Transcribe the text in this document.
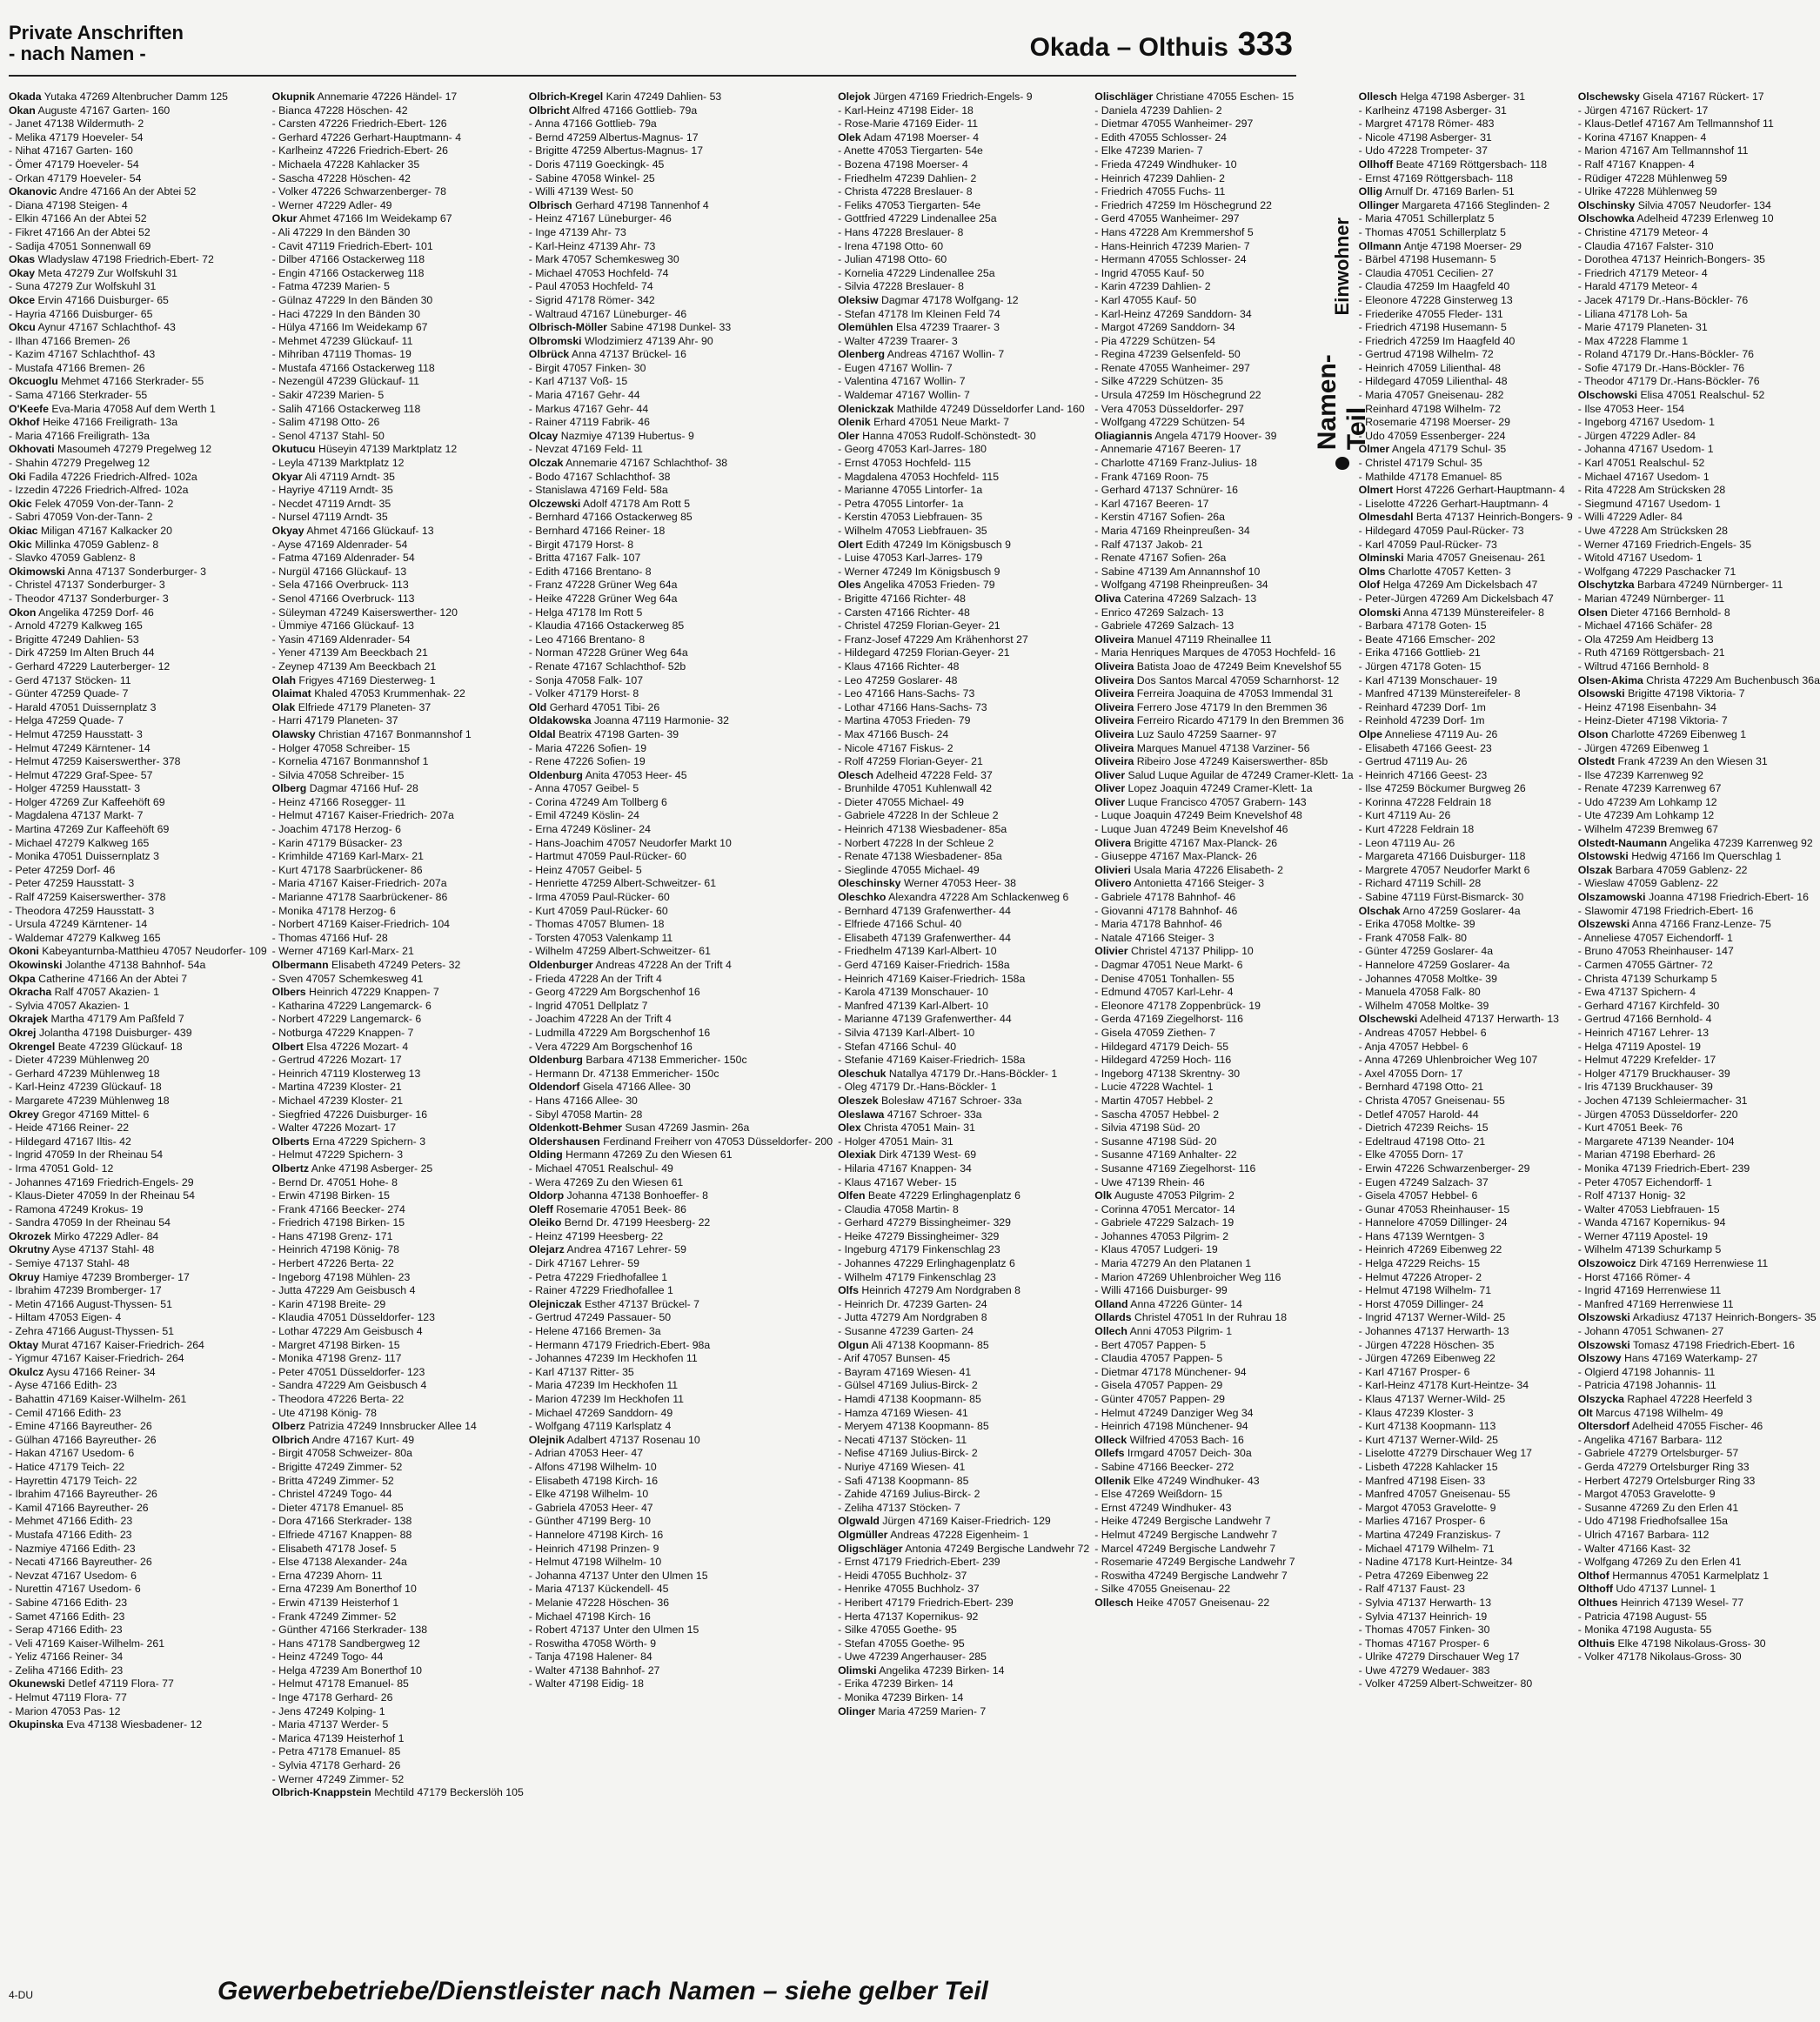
Private Anschriften
- nach Namen -	Okada – Olthuis 333
Okada Yutaka 47269 Altenbrucher Damm 125
Okan Auguste 47167 Garten- 160
- Janet 47138 Wildermuth- 2
- Melika 47179 Hoeveler- 54
- Nihat 47167 Garten- 160
- Ömer 47179 Hoeveler- 54
- Orkan 47179 Hoeveler- 54
Okanovic Andre 47166 An der Abtei 52
- Diana 47198 Steigen- 4
- Elkin 47166 An der Abtei 52
- Fikret 47166 An der Abtei 52
- Sadija 47051 Sonnenwall 69
Okas Wladyslaw 47198 Friedrich-Ebert- 72
Okay Meta 47279 Zur Wolfskuhl 31
- Suna 47279 Zur Wolfskuhl 31
Okce Ervin 47166 Duisburger- 65
- Hayria 47166 Duisburger- 65
Okcu Aynur 47167 Schlachthof- 43
- Ilhan 47166 Bremen- 26
- Kazim 47167 Schlachthof- 43
- Mustafa 47166 Bremen- 26
Okcuoglu Mehmet 47166 Sterkrader- 55
- Sama 47166 Sterkrader- 55
O'Keefe Eva-Maria 47058 Auf dem Werth 1
Okhof Heike 47166 Freiligrath- 13a
- Maria 47166 Freiligrath- 13a
Okhovati Masoumeh 47279 Pregelweg 12
- Shahin 47279 Pregelweg 12
Oki Fadila 47226 Friedrich-Alfred- 102a
- Izzedin 47226 Friedrich-Alfred- 102a
Okic Felek 47059 Von-der-Tann- 2
- Sabri 47059 Von-der-Tann- 2
Okiac Miligan 47167 Kalkacker 20
Okic Millinka 47059 Gablenz- 8
- Slavko 47059 Gablenz- 8
Okimowski Anna 47137 Sonderburger- 3
- Christel 47137 Sonderburger- 3
- Theodor 47137 Sonderburger- 3
Okon Angelika 47259 Dorf- 46
- Arnold 47279 Kalkweg 165
- Brigitte 47249 Dahlien- 53
- Dirk 47259 Im Alten Bruch 44
- Gerhard 47229 Lauterberger- 12
- Gerd 47137 Stöcken- 11
- Günter 47259 Quade- 7
- Harald 47051 Duissernplatz 3
- Helga 47259 Quade- 7
- Helmut 47259 Hausstatt- 3
- Helmut 47249 Kärntener- 14
- Helmut 47259 Kaiserswerther- 378
- Helmut 47229 Graf-Spee- 57
- Holger 47259 Hausstatt- 3
- Holger 47269 Zur Kaffeehöft 69
- Magdalena 47137 Markt- 7
- Martina 47269 Zur Kaffeehöft 69
- Michael 47279 Kalkweg 165
- Monika 47051 Duissernplatz 3
- Peter 47259 Dorf- 46
- Peter 47259 Hausstatt- 3
- Ralf 47259 Kaiserswerther- 378
- Theodora 47259 Hausstatt- 3
- Ursula 47249 Kärntener- 14
- Waldemar 47279 Kalkweg 165
Okoni Kabeyanturnba-Matthieu 47057 Neudorfer- 109
Okowinski Jolanthe 47138 Bahnhof- 54a
Okpa Catherine 47166 An der Abtei 7
Okracha Ralf 47057 Akazien- 1
- Sylvia 47057 Akazien- 1
Okrajek Martha 47179 Am Paßfeld 7
Okrej Jolantha 47198 Duisburger- 439
Okrengel Beate 47239 Glückauf- 18
- Dieter 47239 Mühlenweg 20
- Gerhard 47239 Mühlenweg 18
- Karl-Heinz 47239 Glückauf- 18
- Margarete 47239 Mühlenweg 18
Okrey Gregor 47169 Mittel- 6
- Heide 47166 Reiner- 22
- Hildegard 47167 Iltis- 42
- Ingrid 47059 In der Rheinau 54
- Irma 47051 Gold- 12
- Johannes 47169 Friedrich-Engels- 29
- Klaus-Dieter 47059 In der Rheinau 54
- Ramona 47249 Krokus- 19
- Sandra 47059 In der Rheinau 54
Okrozek Mirko 47229 Adler- 84
Okrutny Ayse 47137 Stahl- 48
- Semiye 47137 Stahl- 48
Okruy Hamiye 47239 Bromberger- 17
- Ibrahim 47239 Bromberger- 17
- Metin 47166 August-Thyssen- 51
- Hiltam 47053 Eigen- 4
- Zehra 47166 August-Thyssen- 51
Oktay Murat 47167 Kaiser-Friedrich- 264
- Yigmur 47167 Kaiser-Friedrich- 264
Okulcz Aysu 47166 Reiner- 34
- Ayse 47166 Edith- 23
- Bahattin 47169 Kaiser-Wilhelm- 261
- Cemil 47166 Edith- 23
- Emine 47166 Bayreuther- 26
- Gülhan 47166 Bayreuther- 26
- Hakan 47167 Usedom- 6
- Hatice 47179 Teich- 22
- Hayrettin 47179 Teich- 22
- Ibrahim 47166 Bayreuther- 26
- Kamil 47166 Bayreuther- 26
- Mehmet 47166 Edith- 23
- Mustafa 47166 Edith- 23
- Nazmiye 47166 Edith- 23
- Necati 47166 Bayreuther- 26
- Nevzat 47167 Usedom- 6
- Nurettin 47167 Usedom- 6
- Sabine 47166 Edith- 23
- Samet 47166 Edith- 23
- Serap 47166 Edith- 23
- Veli 47169 Kaiser-Wilhelm- 261
- Yeliz 47166 Reiner- 34
- Zeliha 47166 Edith- 23
Okunewski Detlef 47119 Flora- 77
- Helmut 47119 Flora- 77
- Marion 47053 Pas- 12
Okupinska Eva 47138 Wiesbadener- 12
Okupnik Annemarie 47226 Händel- 17
- Bianca 47228 Höschen- 42
- Carsten 47226 Friedrich-Ebert- 126
- Gerhard 47226 Gerhart-Hauptmann- 4
- Karlheinz 47226 Friedrich-Ebert- 26
- Michaela 47228 Kahlacker 35
- Sascha 47228 Höschen- 42
- Volker 47226 Schwarzenberger- 78
- Werner 47229 Adler- 49
Okur Ahmet 47166 Im Weidekamp 67
- Ali 47229 In den Bänden 30
- Cavit 47119 Friedrich-Ebert- 101
- Dilber 47166 Ostackerweg 118
- Engin 47166 Ostackerweg 118
- Fatma 47239 Marien- 5
- Gülnaz 47229 In den Bänden 30
- Haci 47229 In den Bänden 30
- Hülya 47166 Im Weidekamp 67
- Mehmet 47239 Glückauf- 11
- Mihriban 47119 Thomas- 19
- Mustafa 47166 Ostackerweg 118
- Nezengül 47239 Glückauf- 11
- Sakir 47239 Marien- 5
- Salih 47166 Ostackerweg 118
- Salim 47198 Otto- 26
- Senol 47137 Stahl- 50
Okutucu Hüseyin 47139 Marktplatz 12
- Leyla 47139 Marktplatz 12
Okyar Ali 47119 Arndt- 35
- Hayriye 47119 Arndt- 35
- Necdet 47119 Arndt- 35
- Nursel 47119 Arndt- 35
Okyay Ahmet 47166 Glückauf- 13
- Ayse 47169 Aldenrader- 54
- Fatma 47169 Aldenrader- 54
- Nurgül 47166 Glückauf- 13
- Sela 47166 Overbruck- 113
- Senol 47166 Overbruck- 113
- Süleyman 47249 Kaiserswerther- 120
- Ümmiye 47166 Glückauf- 13
- Yasin 47169 Aldenrader- 54
- Yener 47139 Am Beeckbach 21
- Zeynep 47139 Am Beeckbach 21
Olah Frigyes 47169 Diesterweg- 1
Olaimat Khaled 47053 Krummenhak- 22
Olak Elfriede 47179 Planeten- 37
- Harri 47179 Planeten- 37
Olawsky Christian 47167 Bonmannshof 1
- Holger 47058 Schreiber- 15
- Kornelia 47167 Bonmannshof 1
- Silvia 47058 Schreiber- 15
Olberg Dagmar 47166 Huf- 28
- Heinz 47166 Rosegger- 11
- Helmut 47167 Kaiser-Friedrich- 207a
- Joachim 47178 Herzog- 6
- Karin 47179 Büsacker- 23
- Krimhilde 47169 Karl-Marx- 21
- Kurt 47178 Saarbrückener- 86
- Maria 47167 Kaiser-Friedrich- 207a
- Marianne 47178 Saarbrückener- 86
- Monika 47178 Herzog- 6
- Norbert 47169 Kaiser-Friedrich- 104
- Thomas 47166 Huf- 28
- Werner 47169 Karl-Marx- 21
Olbermann Elisabeth 47249 Peters- 32
- Sven 47057 Schemkesweg 41
Olbers Heinrich 47229 Knappen- 7
- Katharina 47229 Langemarck- 6
- Norbert 47229 Langemarck- 6
- Notburga 47229 Knappen- 7
Olbert Elsa 47226 Mozart- 4
- Gertrud 47226 Mozart- 17
- Heinrich 47119 Klosterweg 13
- Martina 47239 Kloster- 21
- Michael 47239 Kloster- 21
- Siegfried 47226 Duisburger- 16
- Walter 47226 Mozart- 17
Olberts Erna 47229 Spichern- 3
- Helmut 47229 Spichern- 3
Olbertz Anke 47198 Asberger- 25
- Bernd Dr. 47051 Hohe- 8
- Erwin 47198 Birken- 15
- Frank 47166 Beecker- 274
- Friedrich 47198 Birken- 15
- Hans 47198 Grenz- 171
- Heinrich 47198 König- 78
- Herbert 47226 Berta- 22
- Ingeborg 47198 Mühlen- 23
- Jutta 47229 Am Geisbusch 4
- Karin 47198 Breite- 29
- Klaudia 47051 Düsseldorfer- 123
- Lothar 47229 Am Geisbusch 4
- Margret 47198 Birken- 15
- Monika 47198 Grenz- 117
- Peter 47051 Düsseldorfer- 123
- Sandra 47229 Am Geisbusch 4
- Theodora 47226 Berta- 22
- Ute 47198 König- 78
Olberz Patrizia 47249 Innsbrucker Allee 14
Olbrich Andre 47167 Kurt- 49
- Birgit 47058 Schweizer- 80a
- Brigitte 47249 Zimmer- 52
- Britta 47249 Zimmer- 52
- Christel 47249 Togo- 44
- Dieter 47178 Emanuel- 85
- Dora 47166 Sterkrader- 138
- Elfriede 47167 Knappen- 88
- Elisabeth 47178 Josef- 5
- Else 47138 Alexander- 24a
- Erna 47239 Ahorn- 11
- Erna 47239 Am Bonerthof 10
- Erwin 47139 Heisterhof 1
- Frank 47249 Zimmer- 52
- Günther 47166 Sterkrader- 138
- Hans 47178 Sandbergweg 12
- Heinz 47249 Togo- 44
- Helga 47239 Am Bonerthof 10
- Helmut 47178 Emanuel- 85
- Inge 47178 Gerhard- 26
- Jens 47249 Kolping- 1
- Maria 47137 Werder- 5
- Marica 47139 Heisterhof 1
- Petra 47178 Emanuel- 85
- Sylvia 47178 Gerhard- 26
- Werner 47249 Zimmer- 52
Olbrich-Knappstein Mechtild 47179 Beckerslöh 105
Olbrich-Kregel Karin 47249 Dahlien- 53
Olbricht Alfred 47166 Gottlieb- 79a
- Anna 47166 Gottlieb- 79a
- Bernd 47259 Albertus-Magnus- 17
- Brigitte 47259 Albertus-Magnus- 17
- Doris 47119 Goeckingk- 45
- Sabine 47058 Winkel- 25
- Willi 47139 West- 50
Olbrisch Gerhard 47198 Tannenhof 4
- Heinz 47167 Lüneburger- 46
- Inge 47139 Ahr- 73
- Karl-Heinz 47139 Ahr- 73
- Mark 47057 Schemkesweg 30
- Michael 47053 Hochfeld- 74
- Paul 47053 Hochfeld- 74
- Sigrid 47178 Römer- 342
- Waltraud 47167 Lüneburger- 46
Olbrisch-Möller Sabine 47198 Dunkel- 33
Olbromski Wlodzimierz 47139 Ahr- 90
Olbrück Anna 47137 Brückel- 16
- Birgit 47057 Finken- 30
- Karl 47137 Voß- 15
- Maria 47167 Gehr- 44
- Markus 47167 Gehr- 44
- Rainer 47119 Fabrik- 46
Olcay Nazmiye 47139 Hubertus- 9
- Nevzat 47169 Feld- 11
Olczak Annemarie 47167 Schlachthof- 38
- Bodo 47167 Schlachthof- 38
- Stanislawa 47169 Feld- 58a
Olczewski Adolf 47178 Am Rott 5
- Bernhard 47166 Ostackerweg 85
- Bernhard 47166 Reiner- 18
- Birgit 47179 Horst- 8
- Britta 47167 Falk- 107
- Edith 47166 Brentano- 8
- Franz 47228 Grüner Weg 64a
- Heike 47228 Grüner Weg 64a
- Helga 47178 Im Rott 5
- Klaudia 47166 Ostackerweg 85
- Leo 47166 Brentano- 8
- Norman 47228 Grüner Weg 64a
- Renate 47167 Schlachthof- 52b
- Sonja 47058 Falk- 107
- Volker 47179 Horst- 8
Old Gerhard 47051 Tibi- 26
Oldakowska Joanna 47119 Harmonie- 32
Oldal Beatrix 47198 Garten- 39
- Maria 47226 Sofien- 19
- Rene 47226 Sofien- 19
Oldenburg Anita 47053 Heer- 45
- Anna 47057 Geibel- 5
- Corina 47249 Am Tollberg 6
- Emil 47249 Köslin- 24
- Erna 47249 Kösliner- 24
- Hans-Joachim 47057 Neudorfer Markt 10
- Hartmut 47059 Paul-Rücker- 60
- Heinz 47057 Geibel- 5
- Henriette 47259 Albert-Schweitzer- 61
- Irma 47059 Paul-Rücker- 60
- Kurt 47059 Paul-Rücker- 60
- Thomas 47057 Blumen- 18
- Torsten 47053 Valenkamp 11
- Wilhelm 47259 Albert-Schweitzer- 61
Oldenburger Andreas 47228 An der Trift 4
- Frieda 47228 An der Trift 4
- Georg 47229 Am Borgschenhof 16
- Ingrid 47051 Dellplatz 7
- Joachim 47228 An der Trift 4
- Ludmilla 47229 Am Borgschenhof 16
- Vera 47229 Am Borgschenhof 16
Oldenburg Barbara 47138 Emmericher- 150c
- Hermann Dr. 47138 Emmericher- 150c
Oldendorf Gisela 47166 Allee- 30
- Hans 47166 Allee- 30
- Sibyl 47058 Martin- 28
Oldenkott-Behmer Susan 47269 Jasmin- 26a
Oldershausen Ferdinand Freiherr von 47053 Düsseldorfer- 200
Olding Hermann 47269 Zu den Wiesen 61
- Michael 47051 Realschul- 49
- Wera 47269 Zu den Wiesen 61
Oldorp Johanna 47138 Bonhoeffer- 8
Oleff Rosemarie 47051 Beek- 86
Oleiko Bernd Dr. 47199 Heesberg- 22
- Heinz 47199 Heesberg- 22
Olejarz Andrea 47167 Lehrer- 59
- Dirk 47167 Lehrer- 59
- Petra 47229 Friedhofallee 1
- Rainer 47229 Friedhofallee 1
Olejniczak Esther 47137 Brückel- 7
- Gertrud 47249 Passauer- 50
- Helene 47166 Bremen- 3a
- Hermann 47179 Friedrich-Ebert- 98a
- Johannes 47239 Im Heckhofen 11
- Karl 47137 Ritter- 35
- Maria 47239 Im Heckhofen 11
- Marion 47239 Im Heckhofen 11
- Michael 47269 Sanddorn- 49
- Wolfgang 47119 Karlsplatz 4
Olejnik Adalbert 47137 Rosenau 10
- Adrian 47053 Heer- 47
- Alfons 47198 Wilhelm- 10
- Elisabeth 47198 Kirch- 16
- Elke 47198 Wilhelm- 10
- Gabriela 47053 Heer- 47
- Günther 47199 Berg- 10
- Hannelore 47198 Kirch- 16
- Heinrich 47198 Prinzen- 9
- Helmut 47198 Wilhelm- 10
- Johanna 47137 Unter den Ulmen 15
- Maria 47137 Kückendell- 45
- Melanie 47228 Höschen- 36
- Michael 47198 Kirch- 16
- Robert 47137 Unter den Ulmen 15
- Roswitha 47058 Wörth- 9
- Tanja 47198 Halener- 84
- Walter 47138 Bahnhof- 27
- Walter 47198 Eidig- 18
Olejok Jürgen 47169 Friedrich-Engels- 9
- Karl-Heinz 47198 Eider- 18
- Rose-Marie 47169 Eider- 11
Olek Adam 47198 Moerser- 4
- Anette 47053 Tiergarten- 54e
- Bozena 47198 Moerser- 4
- Friedhelm 47239 Dahlien- 2
- Christa 47228 Breslauer- 8
- Feliks 47053 Tiergarten- 54e
- Gottfried 47229 Lindenallee 25a
- Hans 47228 Breslauer- 8
- Irena 47198 Otto- 60
- Julian 47198 Otto- 60
- Kornelia 47229 Lindenallee 25a
- Silvia 47228 Breslauer- 8
Oleksiw Dagmar 47178 Wolfgang- 12
- Stefan 47178 Im Kleinen Feld 74
Olemühlen Elsa 47239 Traarer- 3
- Walter 47239 Traarer- 3
Olenberg Andreas 47167 Wollin- 7
- Eugen 47167 Wollin- 7
- Valentina 47167 Wollin- 7
- Waldemar 47167 Wollin- 7
Olenickzak Mathilde 47249 Düsseldorfer Land- 160
Olenik Erhard 47051 Neue Markt- 7
Oler Hanna 47053 Rudolf-Schönstedt- 30
- Georg 47053 Karl-Jarres- 180
- Ernst 47053 Hochfeld- 115
- Magdalena 47053 Hochfeld- 115
- Marianne 47055 Lintorfer- 1a
- Petra 47055 Lintorfer- 1a
- Kerstin 47053 Liebfrauen- 35
- Wilhelm 47053 Liebfrauen- 35
Olert Edith 47249 Im Königsbusch 9
- Luise 47053 Karl-Jarres- 179
- Werner 47249 Im Königsbusch 9
Oles Angelika 47053 Frieden- 79
- Brigitte 47166 Richter- 48
- Carsten 47166 Richter- 48
- Christel 47259 Florian-Geyer- 21
- Franz-Josef 47229 Am Krähenhorst 27
- Hildegard 47259 Florian-Geyer- 21
- Klaus 47166 Richter- 48
- Leo 47259 Goslarer- 48
- Leo 47166 Hans-Sachs- 73
- Lothar 47166 Hans-Sachs- 73
- Martina 47053 Frieden- 79
- Max 47166 Busch- 24
- Nicole 47167 Fiskus- 2
- Rolf 47259 Florian-Geyer- 21
Olesch Adelheid 47228 Feld- 37
- Brunhilde 47051 Kuhlenwall 42
- Dieter 47055 Michael- 49
- Gabriele 47228 In der Schleue 2
- Heinrich 47138 Wiesbadener- 85a
- Norbert 47228 In der Schleue 2
- Renate 47138 Wiesbadener- 85a
- Sieglinde 47055 Michael- 49
Oleschinsky Werner 47053 Heer- 38
Oleschko Alexandra 47228 Am Schlackenweg 6
- Bernhard 47139 Grafenwerther- 44
- Elfriede 47166 Schul- 40
- Elisabeth 47139 Grafenwerther- 44
- Friedhelm 47139 Karl-Albert- 10
- Gerd 47169 Kaiser-Friedrich- 158a
- Heinrich 47169 Kaiser-Friedrich- 158a
- Karola 47139 Monschauer- 10
- Manfred 47139 Karl-Albert- 10
- Marianne 47139 Grafenwerther- 44
- Silvia 47139 Karl-Albert- 10
- Stefan 47166 Schul- 40
- Stefanie 47169 Kaiser-Friedrich- 158a
Oleschuk Natallya 47179 Dr.-Hans-Böckler- 1
- Oleg 47179 Dr.-Hans-Böckler- 1
Oleszek Bolesław 47167 Schroer- 33a
Oleslawa 47167 Schroer- 33a
Olex Christa 47051 Main- 31
- Holger 47051 Main- 31
Olexiak Dirk 47139 West- 69
- Hilaria 47167 Knappen- 34
- Klaus 47167 Weber- 15
Olfen Beate 47229 Erlinghagenplatz 6
- Claudia 47058 Martin- 8
- Gerhard 47279 Bissingheimer- 329
- Heike 47279 Bissingheimer- 329
- Ingeburg 47179 Finkenschlag 23
- Johannes 47229 Erlinghagenplatz 6
- Wilhelm 47179 Finkenschlag 23
Olfs Heinrich 47279 Am Nordgraben 8
- Heinrich Dr. 47239 Garten- 24
- Jutta 47279 Am Nordgraben 8
- Susanne 47239 Garten- 24
Olgun Ali 47138 Koopmann- 85
- Arif 47057 Bunsen- 45
- Bayram 47169 Wiesen- 41
- Gülsel 47169 Julius-Birck- 2
- Hamdi 47138 Koopmann- 85
- Hamza 47169 Wiesen- 41
- Meryem 47138 Koopmann- 85
- Necati 47137 Stöcken- 11
- Nefise 47169 Julius-Birck- 2
- Nuriye 47169 Wiesen- 41
- Safi 47138 Koopmann- 85
- Zahide 47169 Julius-Birck- 2
- Zeliha 47137 Stöcken- 7
Olgwald Jürgen 47169 Kaiser-Friedrich- 129
Olgmüller Andreas 47228 Eigenheim- 1
Oligschläger Antonia 47249 Bergische Landwehr 72
- Ernst 47179 Friedrich-Ebert- 239
- Heidi 47055 Buchholz- 37
- Henrike 47055 Buchholz- 37
- Heribert 47179 Friedrich-Ebert- 239
- Herta 47137 Kopernikus- 92
- Silke 47055 Goethe- 95
- Stefan 47055 Goethe- 95
- Uwe 47239 Angerhauser- 285
Olimski Angelika 47239 Birken- 14
- Erika 47239 Birken- 14
- Monika 47239 Birken- 14
Olinger Maria 47259 Marien- 7
Olischläger Christiane 47055 Eschen- 15
- Daniela 47239 Dahlien- 2
- Dietmar 47055 Wanheimer- 297
- Edith 47055 Schlosser- 24
- Elke 47239 Marien- 7
- Frieda 47249 Windhuker- 10
- Heinrich 47239 Dahlien- 2
- Friedrich 47055 Fuchs- 11
- Friedrich 47259 Im Höschegrund 22
- Gerd 47055 Wanheimer- 297
- Hans 47228 Am Kremmershof 5
- Hans-Heinrich 47239 Marien- 7
- Hermann 47055 Schlosser- 24
- Ingrid 47055 Kauf- 50
- Karin 47239 Dahlien- 2
- Karl 47055 Kauf- 50
- Karl-Heinz 47269 Sanddorn- 34
- Margot 47269 Sanddorn- 34
- Pia 47229 Schützen- 54
- Regina 47239 Gelsenfeld- 50
- Renate 47055 Wanheimer- 297
- Silke 47229 Schützen- 35
- Ursula 47259 Im Höschegrund 22
- Vera 47053 Düsseldorfer- 297
- Wolfgang 47229 Schützen- 54
Oliagiannis Angela 47179 Hoover- 39
- Annemarie 47167 Beeren- 17
- Charlotte 47169 Franz-Julius- 18
- Frank 47169 Roon- 75
- Gerhard 47137 Schnürer- 16
- Karl 47167 Beeren- 17
- Kerstin 47167 Sofien- 26a
- Maria 47169 Rheinpreußen- 34
- Ralf 47137 Jakob- 21
- Renate 47167 Sofien- 26a
- Sabine 47139 Am Annannshof 10
- Wolfgang 47198 Rheinpreußen- 34
Oliva Caterina 47269 Salzach- 13
- Enrico 47269 Salzach- 13
- Gabriele 47269 Salzach- 13
Oliveira Manuel 47119 Rheinallee 11
- Maria Henriques Marques de 47053 Hochfeld- 16
Oliveira Batista Joao de 47249 Beim Knevelshof 55
Oliveira Dos Santos Marcal 47059 Scharnhorst- 12
Oliveira Ferreira Joaquina de 47053 Immendal 31
Oliveira Ferrero Jose 47179 In den Bremmen 36
Oliveira Ferreiro Ricardo 47179 In den Bremmen 36
Oliveira Luz Saulo 47259 Saarner- 97
Oliveira Marques Manuel 47138 Varziner- 56
Oliveira Ribeiro Jose 47249 Kaiserswerther- 85b
Oliver Salud Luque Aguilar de 47249 Cramer-Klett- 1a
Oliver Lopez Joaquin 47249 Cramer-Klett- 1a
Oliver Luque Francisco 47057 Grabern- 143
- Luque Joaquin 47249 Beim Knevelshof 48
- Luque Juan 47249 Beim Knevelshof 46
Olivera Brigitte 47167 Max-Planck- 26
- Giuseppe 47167 Max-Planck- 26
Olivieri Usala Maria 47226 Elisabeth- 2
Olivero Antonietta 47166 Steiger- 3
- Gabriele 47178 Bahnhof- 46
- Giovanni 47178 Bahnhof- 46
- Maria 47178 Bahnhof- 46
- Natale 47166 Steiger- 3
Olivier Christel 47137 Philipp- 10
- Dagmar 47051 Neue Markt- 6
- Denise 47051 Tonhallen- 55
- Edmund 47057 Karl-Lehr- 4
- Eleonore 47178 Zoppenbrück- 19
- Gerda 47169 Ziegelhorst- 116
- Gisela 47059 Ziethen- 7
- Hildegard 47179 Deich- 55
- Hildegard 47259 Hoch- 116
- Ingeborg 47138 Skrentny- 30
- Lucie 47228 Wachtel- 1
- Martin 47057 Hebbel- 2
- Sascha 47057 Hebbel- 2
- Silvia 47198 Süd- 20
- Susanne 47198 Süd- 20
- Susanne 47169 Anhalter- 22
- Susanne 47169 Ziegelhorst- 116
- Uwe 47139 Rhein- 46
Olk Auguste 47053 Pilgrim- 2
- Corinna 47051 Mercator- 14
- Gabriele 47229 Salzach- 19
- Johannes 47053 Pilgrim- 2
- Klaus 47057 Ludgeri- 19
- Maria 47279 An den Platanen 1
- Marion 47269 Uhlenbroicher Weg 116
- Willi 47166 Duisburger- 99
Olland Anna 47226 Günter- 14
Ollards Christel 47051 In der Ruhrau 18
Ollech Anni 47053 Pilgrim- 1
- Bert 47057 Pappen- 5
- Claudia 47057 Pappen- 5
- Dietmar 47178 Münchener- 94
- Gisela 47057 Pappen- 29
- Günter 47057 Pappen- 29
- Helmut 47249 Danziger Weg 34
- Heinrich 47198 Münchener- 94
Olleck Wilfried 47053 Bach- 16
Ollefs Irmgard 47057 Deich- 30a
- Sabine 47166 Beecker- 272
Ollenik Elke 47249 Windhuker- 43
- Else 47269 Weißdorn- 15
- Ernst 47249 Windhuker- 43
- Heike 47249 Bergische Landwehr 7
- Helmut 47249 Bergische Landwehr 7
- Marcel 47249 Bergische Landwehr 7
- Rosemarie 47249 Bergische Landwehr 7
- Roswitha 47249 Bergische Landwehr 7
- Silke 47055 Gneisenau- 22
Ollesch Heike 47057 Gneisenau- 22
Ollesch Helga 47198 Asberger- 31
- Karlheinz 47198 Asberger- 31
- Margret 47178 Römer- 483
- Nicole 47198 Asberger- 31
- Udo 47228 Trompeter- 37
Ollhoff Beate 47169 Röttgersbach- 118
- Ernst 47169 Röttgersbach- 118
Ollig Arnulf Dr. 47169 Barlen- 51
Ollinger Margareta 47166 Steglinden- 2
- Maria 47051 Schillerplatz 5
- Thomas 47051 Schillerplatz 5
Ollmann Antje 47198 Moerser- 29
- Bärbel 47198 Husemann- 5
- Claudia 47051 Cecilien- 27
- Claudia 47259 Im Haagfeld 40
- Eleonore 47228 Ginsterweg 13
- Friederike 47055 Fleder- 131
- Friedrich 47198 Husemann- 5
- Friedrich 47259 Im Haagfeld 40
- Gertrud 47198 Wilhelm- 72
- Heinrich 47059 Lilienthal- 48
- Hildegard 47059 Lilienthal- 48
- Maria 47057 Gneisenau- 282
- Reinhard 47198 Wilhelm- 72
- Rosemarie 47198 Moerser- 29
- Udo 47059 Essenberger- 224
Olmer Angela 47179 Schul- 35
- Christel 47179 Schul- 35
- Mathilde 47178 Emanuel- 85
Olmert Horst 47226 Gerhart-Hauptmann- 4
- Liselotte 47226 Gerhart-Hauptmann- 4
Olmesdahl Berta 47137 Heinrich-Bongers- 9
- Hildegard 47059 Paul-Rücker- 73
- Karl 47059 Paul-Rücker- 73
Olminski Maria 47057 Gneisenau- 261
Olms Charlotte 47057 Ketten- 3
Olof Helga 47269 Am Dickelsbach 47
- Peter-Jürgen 47269 Am Dickelsbach 47
Olomski Anna 47139 Münstereifeler- 8
- Barbara 47178 Goten- 15
- Beate 47166 Emscher- 202
- Erika 47166 Gottlieb- 21
- Jürgen 47178 Goten- 15
- Karl 47139 Monschauer- 19
- Manfred 47139 Münstereifeler- 8
- Reinhard 47239 Dorf- 1m
- Reinhold 47239 Dorf- 1m
Olpe Anneliese 47119 Au- 26
- Elisabeth 47166 Geest- 23
- Gertrud 47119 Au- 26
- Heinrich 47166 Geest- 23
- Ilse 47259 Böckumer Burgweg 26
- Korinna 47228 Feldrain 18
- Kurt 47119 Au- 26
- Kurt 47228 Feldrain 18
- Leon 47119 Au- 26
- Margareta 47166 Duisburger- 118
- Margrete 47057 Neudorfer Markt 6
- Richard 47119 Schill- 28
- Sabine 47119 Fürst-Bismarck- 30
Olschak Arno 47259 Goslarer- 4a
- Erika 47058 Moltke- 39
- Frank 47058 Falk- 80
- Günter 47259 Goslarer- 4a
- Hannelore 47259 Goslarer- 4a
- Johannes 47058 Moltke- 39
- Manuela 47058 Falk- 80
- Wilhelm 47058 Moltke- 39
Olschewski Adelheid 47137 Herwarth- 13
- Andreas 47057 Hebbel- 6
- Anja 47057 Hebbel- 6
- Anna 47269 Uhlenbroicher Weg 107
- Axel 47055 Dorn- 17
- Bernhard 47198 Otto- 21
- Christa 47057 Gneisenau- 55
- Detlef 47057 Harold- 44
- Dietrich 47239 Reichs- 15
- Edeltraud 47198 Otto- 21
- Elke 47055 Dorn- 17
- Erwin 47226 Schwarzenberger- 29
- Eugen 47249 Salzach- 37
- Gisela 47057 Hebbel- 6
- Gunar 47053 Rheinhauser- 15
- Hannelore 47059 Dillinger- 24
- Hans 47139 Werntgen- 3
- Heinrich 47269 Eibenweg 22
- Helga 47229 Reichs- 15
- Helmut 47226 Atroper- 2
- Helmut 47198 Wilhelm- 71
- Horst 47059 Dillinger- 24
- Ingrid 47137 Werner-Wild- 25
- Johannes 47137 Herwarth- 13
- Jürgen 47228 Höschen- 35
- Jürgen 47269 Eibenweg 22
- Karl 47167 Prosper- 6
- Karl-Heinz 47178 Kurt-Heintze- 34
- Klaus 47137 Werner-Wild- 25
- Klaus 47239 Kloster- 3
- Kurt 47138 Koopmann- 113
- Kurt 47137 Werner-Wild- 25
- Liselotte 47279 Dirschauer Weg 17
- Lisbeth 47228 Kahlacker 15
- Manfred 47198 Eisen- 33
- Manfred 47057 Gneisenau- 55
- Margot 47053 Gravelotte- 9
- Marlies 47167 Prosper- 6
- Martina 47249 Franziskus- 7
- Michael 47179 Wilhelm- 71
- Nadine 47178 Kurt-Heintze- 34
- Petra 47269 Eibenweg 22
- Ralf 47137 Faust- 23
- Sylvia 47137 Herwarth- 13
- Sylvia 47137 Heinrich- 19
- Thomas 47057 Finken- 30
- Thomas 47167 Prosper- 6
- Ulrike 47279 Dirschauer Weg 17
- Uwe 47279 Wedauer- 383
- Volker 47259 Albert-Schweitzer- 80
Olschewsky Gisela 47167 Rückert- 17
- Jürgen 47167 Rückert- 17
- Klaus-Detlef 47167 Am Tellmannshof 11
- Korina 47167 Knappen- 4
- Marion 47167 Am Tellmannshof 11
- Ralf 47167 Knappen- 4
- Rüdiger 47228 Mühlenweg 59
- Ulrike 47228 Mühlenweg 59
Olschinsky Silvia 47057 Neudorfer- 134
Olschowka Adelheid 47239 Erlenweg 10
- Christine 47179 Meteor- 4
- Claudia 47167 Falster- 310
- Dorothea 47137 Heinrich-Bongers- 35
- Friedrich 47179 Meteor- 4
- Harald 47179 Meteor- 4
- Jacek 47179 Dr.-Hans-Böckler- 76
- Liliana 47178 Loh- 5a
- Marie 47179 Planeten- 31
- Max 47228 Flamme 1
- Roland 47179 Dr.-Hans-Böckler- 76
- Sofie 47179 Dr.-Hans-Böckler- 76
- Theodor 47179 Dr.-Hans-Böckler- 76
Olschowski Elisa 47051 Realschul- 52
- Ilse 47053 Heer- 154
- Ingeborg 47167 Usedom- 1
- Jürgen 47229 Adler- 84
- Johanna 47167 Usedom- 1
- Karl 47051 Realschul- 52
- Michael 47167 Usedom- 1
- Rita 47228 Am Strücksken 28
- Siegmund 47167 Usedom- 1
- Willi 47229 Adler- 84
- Uwe 47228 Am Strücksken 28
- Werner 47169 Friedrich-Engels- 35
- Witold 47167 Usedom- 1
- Wolfgang 47229 Paschacker 71
Olschytzka Barbara 47249 Nürnberger- 11
- Marian 47249 Nürnberger- 11
Olsen Dieter 47166 Bernhold- 8
- Michael 47166 Schäfer- 28
- Ola 47259 Am Heidberg 13
- Ruth 47169 Röttgersbach- 21
- Wiltrud 47166 Bernhold- 8
Olsen-Akima Christa 47229 Am Buchenbusch 36a
Olsowski Brigitte 47198 Viktoria- 7
- Heinz 47198 Eisenbahn- 34
- Heinz-Dieter 47198 Viktoria- 7
Olson Charlotte 47269 Eibenweg 1
- Jürgen 47269 Eibenweg 1
Olstedt Frank 47239 An den Wiesen 31
- Ilse 47239 Karrenweg 92
- Renate 47239 Karrenweg 67
- Udo 47239 Am Lohkamp 12
- Ute 47239 Am Lohkamp 12
- Wilhelm 47239 Bremweg 67
Olstedt-Naumann Angelika 47239 Karrenweg 92
Olstowski Hedwig 47166 Im Querschlag 1
Olszak Barbara 47059 Gablenz- 22
- Wieslaw 47059 Gablenz- 22
Olszamowski Joanna 47198 Friedrich-Ebert- 16
- Slawomir 47198 Friedrich-Ebert- 16
Olszewski Anna 47166 Franz-Lenze- 75
- Anneliese 47057 Eichendorff- 1
- Bruno 47053 Rheinhauser- 147
- Carmen 47055 Gärtner- 72
- Christa 47139 Schurkamp 5
- Ewa 47137 Spichern- 4
- Gerhard 47167 Kirchfeld- 30
- Gertrud 47166 Bernhold- 4
- Heinrich 47167 Lehrer- 13
- Helga 47119 Apostel- 19
- Helmut 47229 Krefelder- 17
- Holger 47179 Bruckhauser- 39
- Iris 47139 Bruckhauser- 39
- Jochen 47139 Schleiermacher- 31
- Jürgen 47053 Düsseldorfer- 220
- Kurt 47051 Beek- 76
- Margarete 47139 Neander- 104
- Marian 47198 Eberhard- 26
- Monika 47139 Friedrich-Ebert- 239
- Peter 47057 Eichendorff- 1
- Rolf 47137 Honig- 32
- Walter 47053 Liebfrauen- 15
- Wanda 47167 Kopernikus- 94
- Werner 47119 Apostel- 19
- Wilhelm 47139 Schurkamp 5
Olszowoicz Dirk 47169 Herrenwiese 11
- Horst 47166 Römer- 4
- Ingrid 47169 Herrenwiese 11
- Manfred 47169 Herrenwiese 11
Olszowski Arkadiusz 47137 Heinrich-Bongers- 35
- Johann 47051 Schwanen- 27
Olszowski Tomasz 47198 Friedrich-Ebert- 16
Olszowy Hans 47169 Waterkamp- 27
- Olgierd 47198 Johannis- 11
- Patricia 47198 Johannis- 11
Olszycka Raphael 47228 Heerfeld 3
Olt Marcus 47198 Wilhelm- 49
Oltersdorf Adelheid 47055 Fischer- 46
- Angelika 47167 Barbara- 112
- Gabriele 47279 Ortelsburger- 57
- Gerda 47279 Ortelsburger Ring 33
- Herbert 47279 Ortelsburger Ring 33
- Margot 47053 Gravelotte- 9
- Susanne 47269 Zu den Erlen 41
- Udo 47198 Friedhofsallee 15a
- Ulrich 47167 Barbara- 112
- Walter 47166 Kast- 32
- Wolfgang 47269 Zu den Erlen 41
Olthof Hermannus 47051 Karmelplatz 1
Olthoff Udo 47137 Lunnel- 1
Olthues Heinrich 47139 Wesel- 77
- Patricia 47198 August- 55
- Monika 47198 Augusta- 55
Olthuis Elke 47198 Nikolaus-Gross- 30
- Volker 47178 Nikolaus-Gross- 30
Namen-Teil
Einwohner
4-DU	Gewerbebetriebe/Dienstleister nach Namen – siehe gelber Teil
